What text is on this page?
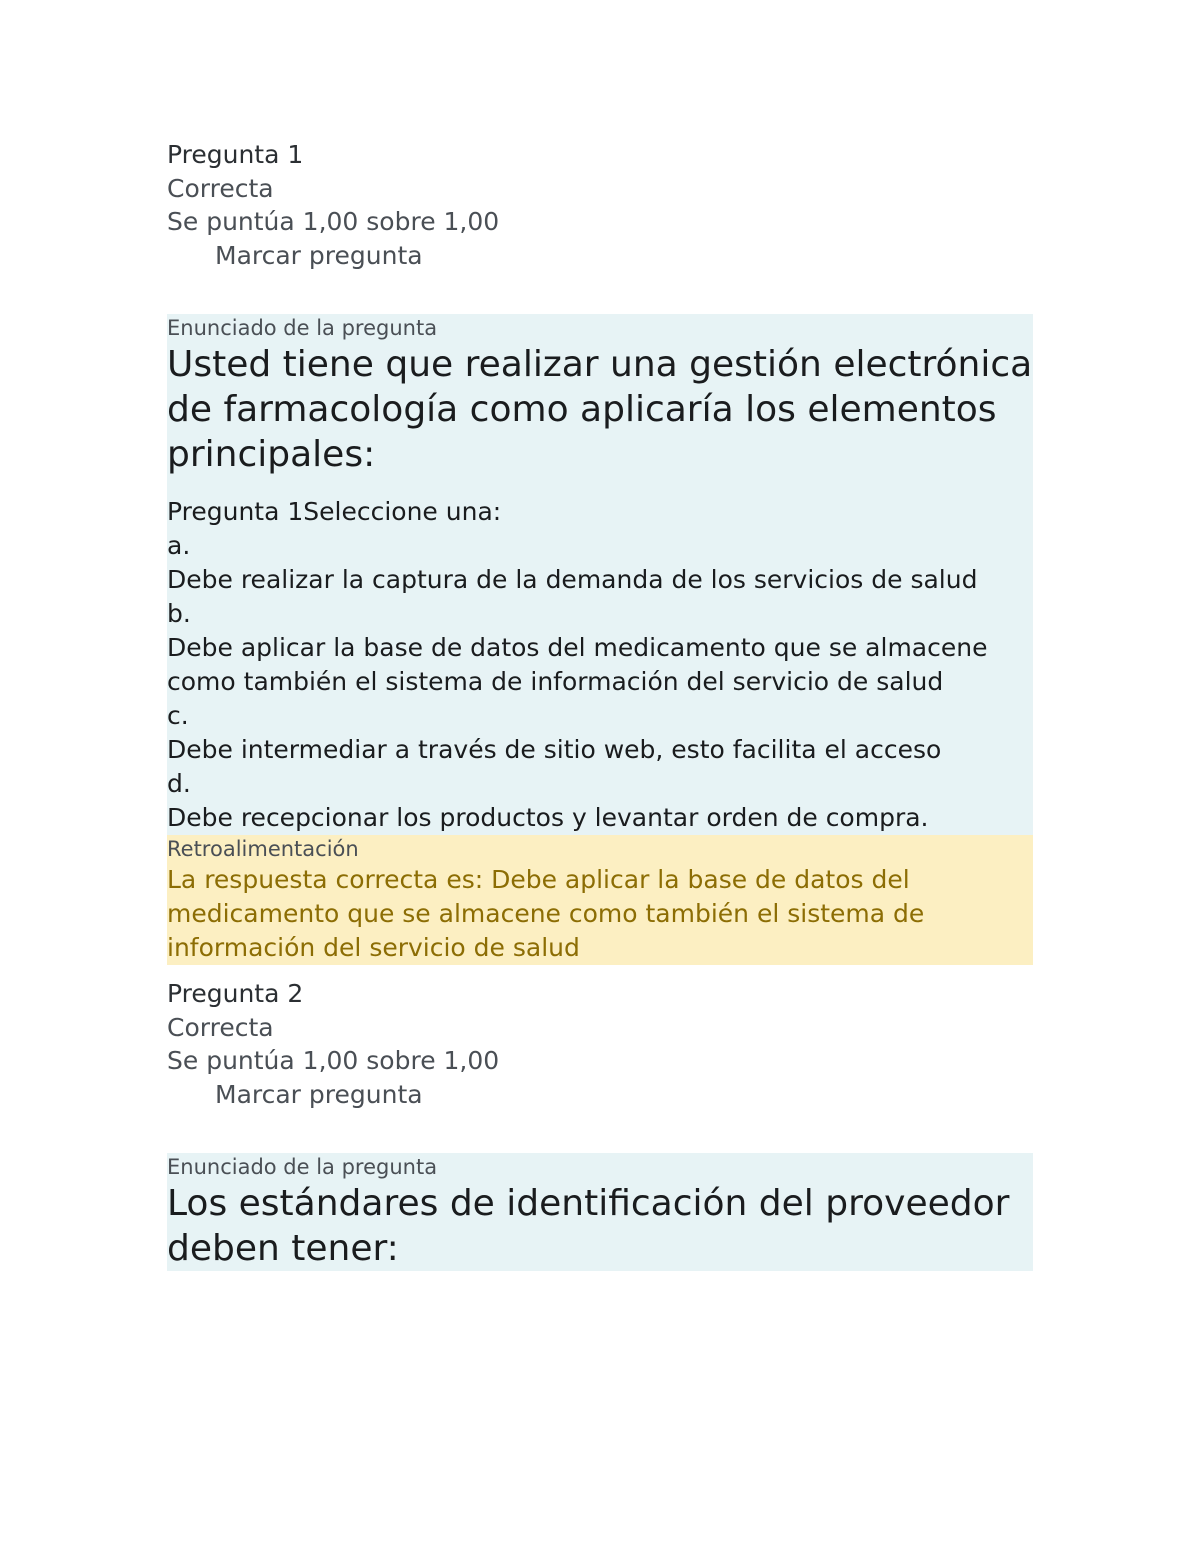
Pregunta 1
Correcta
Se puntúa 1,00 sobre 1,00
Marcar pregunta
Enunciado de la pregunta
Usted tiene que realizar una gestión electrónica de farmacología como aplicaría los elementos principales:
Pregunta 1Seleccione una:
a.
Debe realizar la captura de la demanda de los servicios de salud
b.
Debe aplicar la base de datos del medicamento que se almacene como también el sistema de información del servicio de salud
c.
Debe intermediar a través de sitio web, esto facilita el acceso
d.
Debe recepcionar los productos y levantar orden de compra.
Retroalimentación
La respuesta correcta es: Debe aplicar la base de datos del medicamento que se almacene como también el sistema de información del servicio de salud
Pregunta 2
Correcta
Se puntúa 1,00 sobre 1,00
Marcar pregunta
Enunciado de la pregunta
Los estándares de identificación del proveedor deben tener:
